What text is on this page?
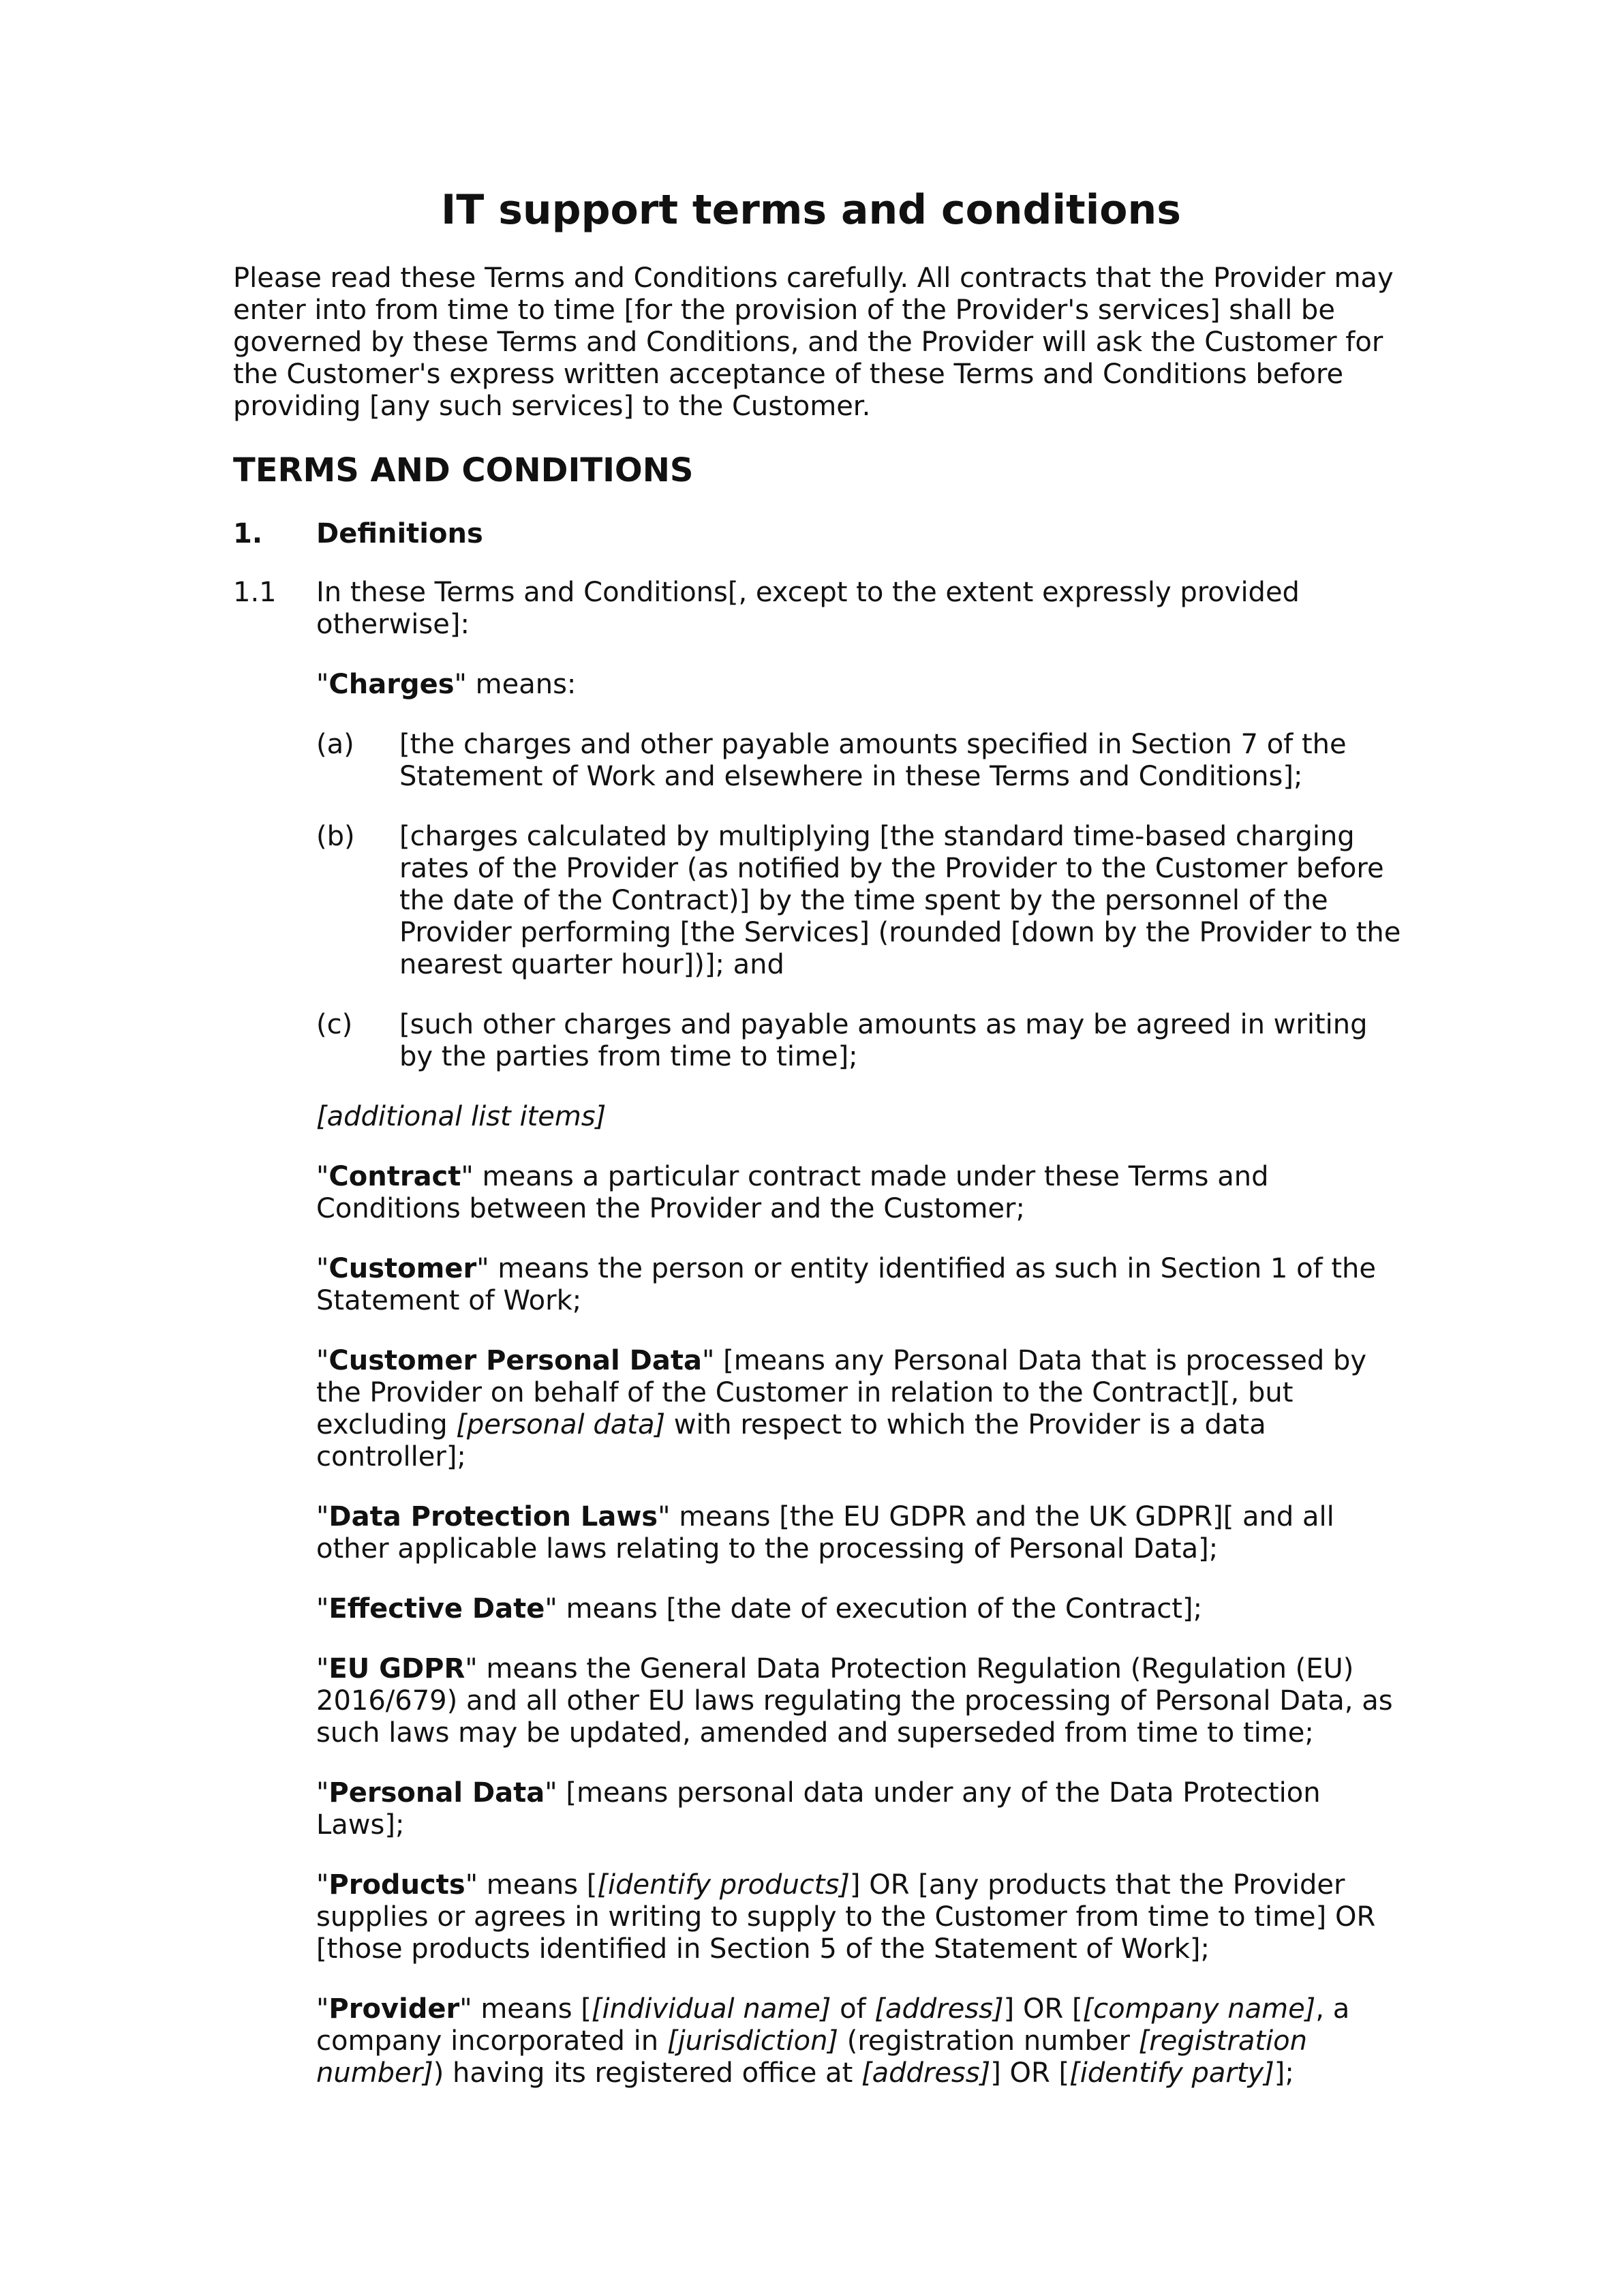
IT support terms and conditions

Please read these Terms and Conditions carefully. All contracts that the Provider may enter into from time to time [for the provision of the Provider's services] shall be governed by these Terms and Conditions, and the Provider will ask the Customer for the Customer's express written acceptance of these Terms and Conditions before providing [any such services] to the Customer.

TERMS AND CONDITIONS
1. Definitions
1.1 In these Terms and Conditions[, except to the extent expressly provided otherwise]:

"Charges" means:

(a)	[the charges and other payable amounts specified in Section 7 of the Statement of Work and elsewhere in these Terms and Conditions];
(b)	[charges calculated by multiplying [the standard time-based charging rates of the Provider (as notified by the Provider to the Customer before the date of the Contract)] by the time spent by the personnel of the Provider performing [the Services] (rounded [down by the Provider to the nearest quarter hour])]; and
(c)	[such other charges and payable amounts as may be agreed in writing by the parties from time to time];

[additional list items]

"Contract" means a particular contract made under these Terms and Conditions between the Provider and the Customer;

"Customer" means the person or entity identified as such in Section 1 of the Statement of Work;

"Customer Personal Data" [means any Personal Data that is processed by the Provider on behalf of the Customer in relation to the Contract][, but excluding [personal data] with respect to which the Provider is a data controller];

"Data Protection Laws" means [the EU GDPR and the UK GDPR][ and all other applicable laws relating to the processing of Personal Data];

"Effective Date" means [the date of execution of the Contract];

"EU GDPR" means the General Data Protection Regulation (Regulation (EU) 2016/679) and all other EU laws regulating the processing of Personal Data, as such laws may be updated, amended and superseded from time to time;

"Personal Data" [means personal data under any of the Data Protection Laws];

"Products" means [[identify products]] OR [any products that the Provider supplies or agrees in writing to supply to the Customer from time to time] OR [those products identified in Section 5 of the Statement of Work];

"Provider" means [[individual name] of [address]] OR [[company name], a company incorporated in [jurisdiction] (registration number [registration number]) having its registered office at [address]] OR [[identify party]];
